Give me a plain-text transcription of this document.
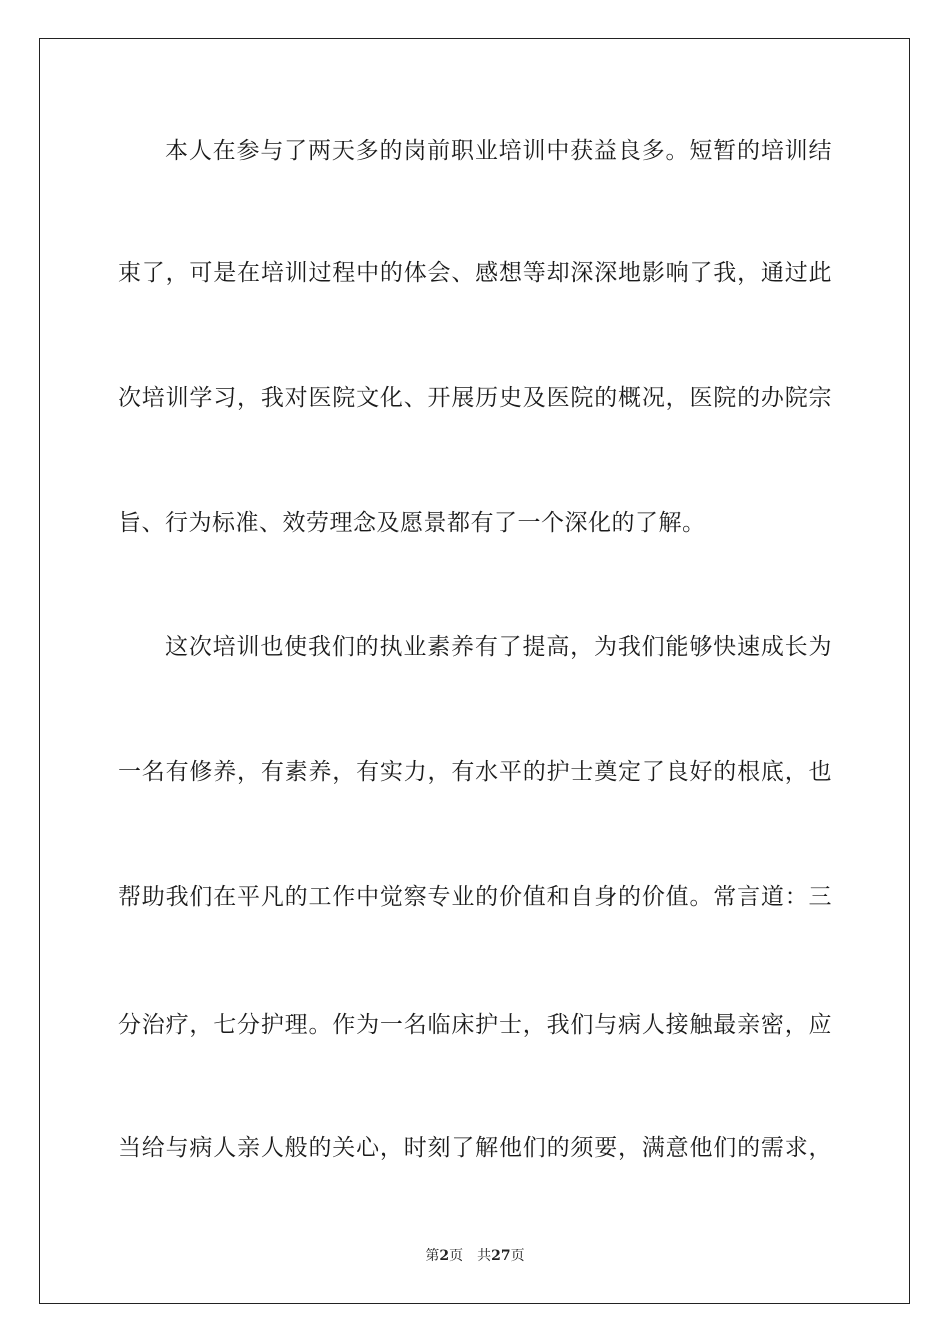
本人在参与了两天多的岗前职业培训中获益良多。短暂的培训结
束了，可是在培训过程中的体会、感想等却深深地影响了我，通过此
次培训学习，我对医院文化、开展历史及医院的概况，医院的办院宗
旨、行为标准、效劳理念及愿景都有了一个深化的了解。
这次培训也使我们的执业素养有了提高，为我们能够快速成长为
一名有修养，有素养，有实力，有水平的护士奠定了良好的根底，也
帮助我们在平凡的工作中觉察专业的价值和自身的价值。常言道：三
分治疗，七分护理。作为一名临床护士，我们与病人接触最亲密，应
当给与病人亲人般的关心，时刻了解他们的须要，满意他们的需求，
第2页 共27页
